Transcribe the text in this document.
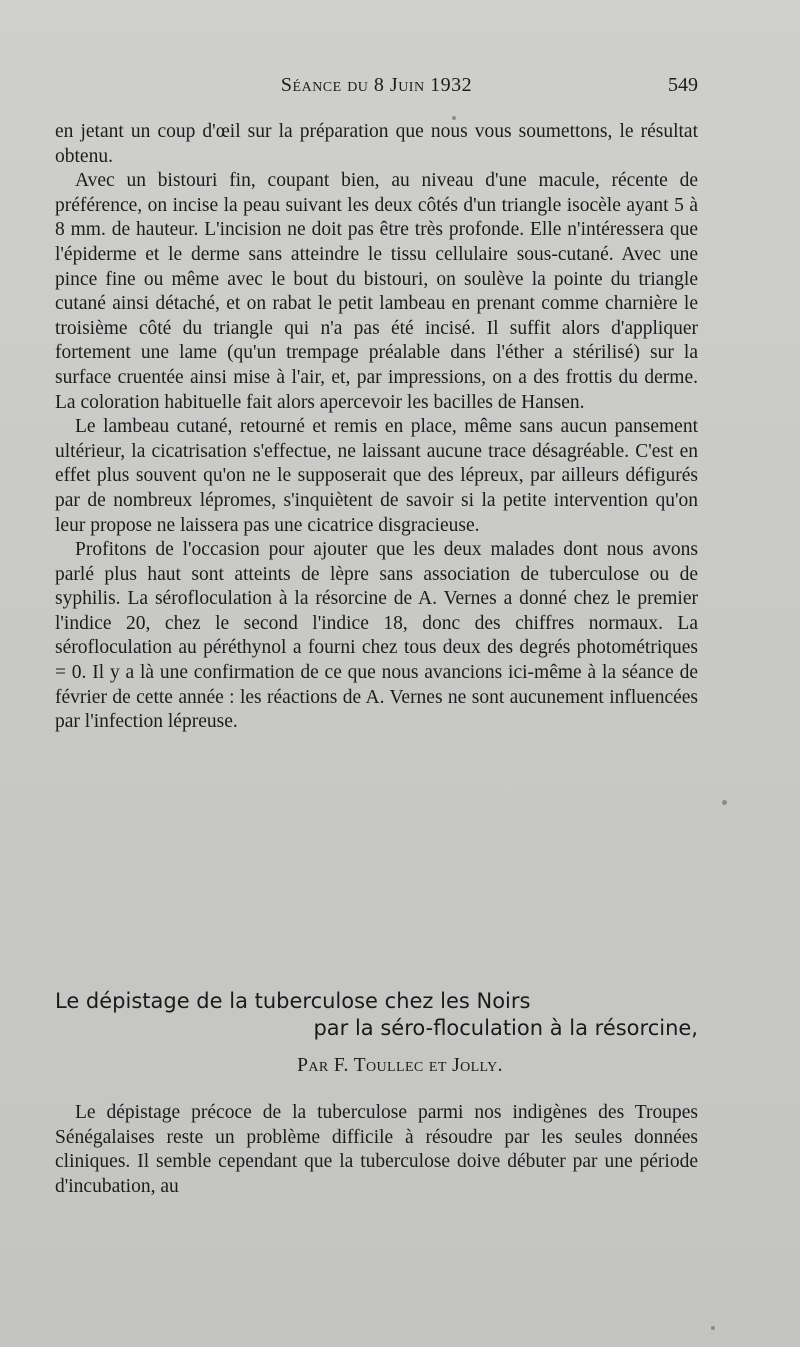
Séance du 8 Juin 1932	549

en jetant un coup d'œil sur la préparation que nous vous soumettons, le résultat obtenu.

Avec un bistouri fin, coupant bien, au niveau d'une macule, récente de préférence, on incise la peau suivant les deux côtés d'un triangle isocèle ayant 5 à 8 mm. de hauteur. L'incision ne doit pas être très profonde. Elle n'intéressera que l'épiderme et le derme sans atteindre le tissu cellulaire sous-cutané. Avec une pince fine ou même avec le bout du bistouri, on soulève la pointe du triangle cutané ainsi détaché, et on rabat le petit lambeau en prenant comme charnière le troisième côté du triangle qui n'a pas été incisé. Il suffit alors d'appliquer fortement une lame (qu'un trempage préalable dans l'éther a stérilisé) sur la surface cruentée ainsi mise à l'air, et, par impressions, on a des frottis du derme. La coloration habituelle fait alors apercevoir les bacilles de Hansen.

Le lambeau cutané, retourné et remis en place, même sans aucun pansement ultérieur, la cicatrisation s'effectue, ne laissant aucune trace désagréable. C'est en effet plus souvent qu'on ne le supposerait que des lépreux, par ailleurs défigurés par de nombreux lépromes, s'inquiètent de savoir si la petite intervention qu'on leur propose ne laissera pas une cicatrice disgracieuse.

Profitons de l'occasion pour ajouter que les deux malades dont nous avons parlé plus haut sont atteints de lèpre sans association de tuberculose ou de syphilis. La sérofloculation à la résorcine de A. Vernes a donné chez le premier l'indice 20, chez le second l'indice 18, donc des chiffres normaux. La sérofloculation au péréthynol a fourni chez tous deux des degrés photométriques = 0. Il y a là une confirmation de ce que nous avancions ici-même à la séance de février de cette année : les réactions de A. Vernes ne sont aucunement influencées par l'infection lépreuse.

Le dépistage de la tuberculose chez les Noirs
par la séro-floculation à la résorcine,
Par F. Toullec et Jolly.

Le dépistage précoce de la tuberculose parmi nos indigènes des Troupes Sénégalaises reste un problème difficile à résoudre par les seules données cliniques. Il semble cependant que la tuberculose doive débuter par une période d'incubation, au
